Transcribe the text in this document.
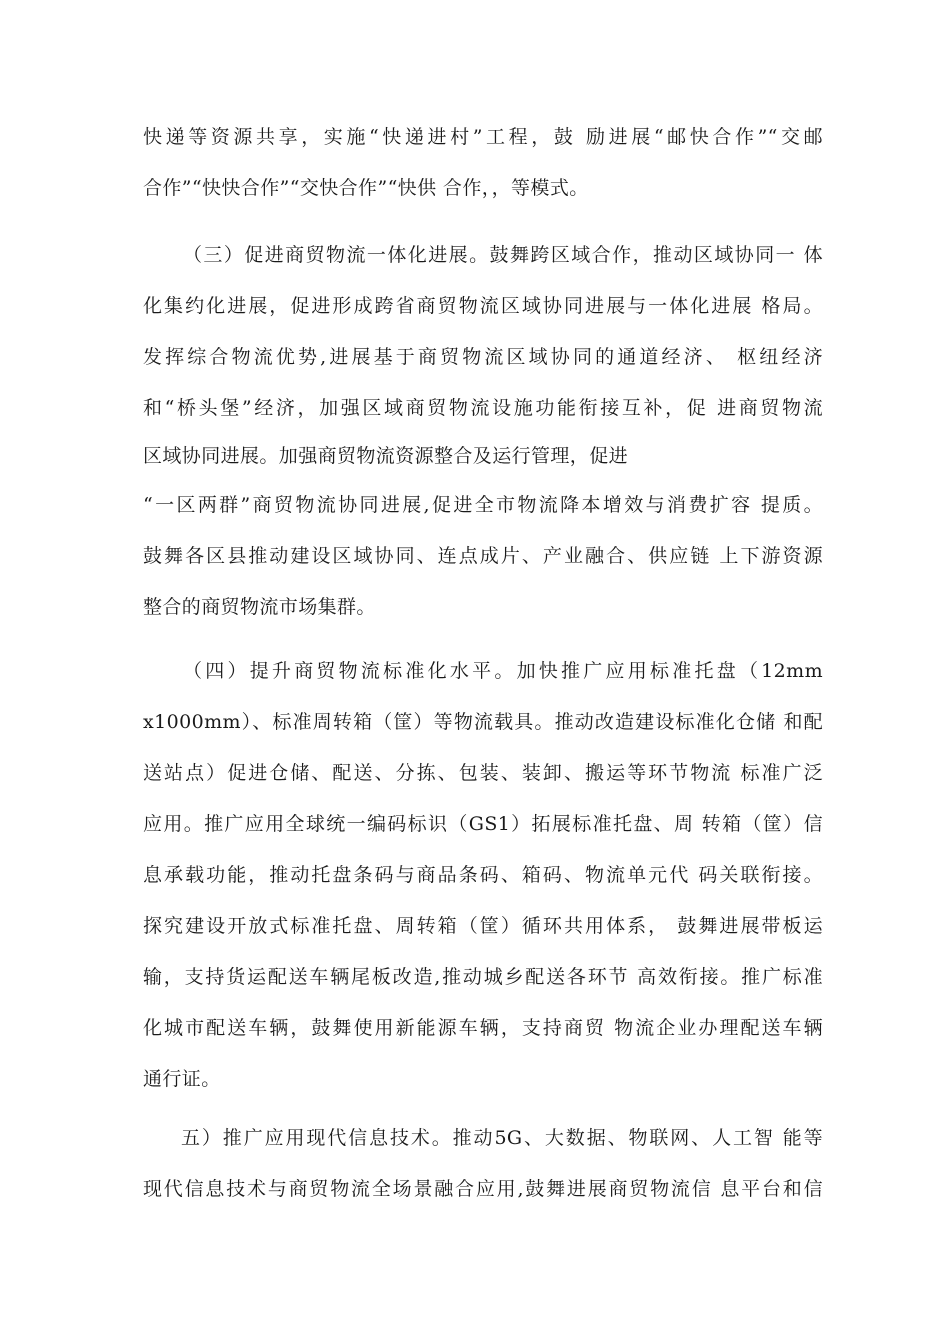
快递等资源共享，实施“快递进村”工程，鼓 励进展“邮快合作”“交邮

合作”“快快合作”“交快合作”“快供 合作，，等模式。

（三）促进商贸物流一体化进展。鼓舞跨区域合作，推动区域协同一 体

化集约化进展，促进形成跨省商贸物流区域协同进展与一体化进展 格局。

发挥综合物流优势,进展基于商贸物流区域协同的通道经济、 枢纽经济

和“桥头堡”经济，加强区域商贸物流设施功能衔接互补，促 进商贸物流

区域协同进展。加强商贸物流资源整合及运行管理，促进

“一区两群”商贸物流协同进展,促进全市物流降本增效与消费扩容 提质。

鼓舞各区县推动建设区域协同、连点成片、产业融合、供应链 上下游资源

整合的商贸物流市场集群。

（四）提升商贸物流标准化水平。加快推广应用标准托盘（12mm

x1000mm）、标准周转箱（筐）等物流载具。推动改造建设标准化仓储 和配

送站点）促进仓储、配送、分拣、包装、装卸、搬运等环节物流 标准广泛

应用。推广应用全球统一编码标识（GS1）拓展标准托盘、周 转箱（筐）信

息承载功能，推动托盘条码与商品条码、箱码、物流单元代 码关联衔接。

探究建设开放式标准托盘、周转箱（筐）循环共用体系， 鼓舞进展带板运

输，支持货运配送车辆尾板改造,推动城乡配送各环节 高效衔接。推广标准

化城市配送车辆，鼓舞使用新能源车辆，支持商贸 物流企业办理配送车辆

通行证。

五）推广应用现代信息技术。推动5G、大数据、物联网、人工智 能等

现代信息技术与商贸物流全场景融合应用,鼓舞进展商贸物流信 息平台和信
